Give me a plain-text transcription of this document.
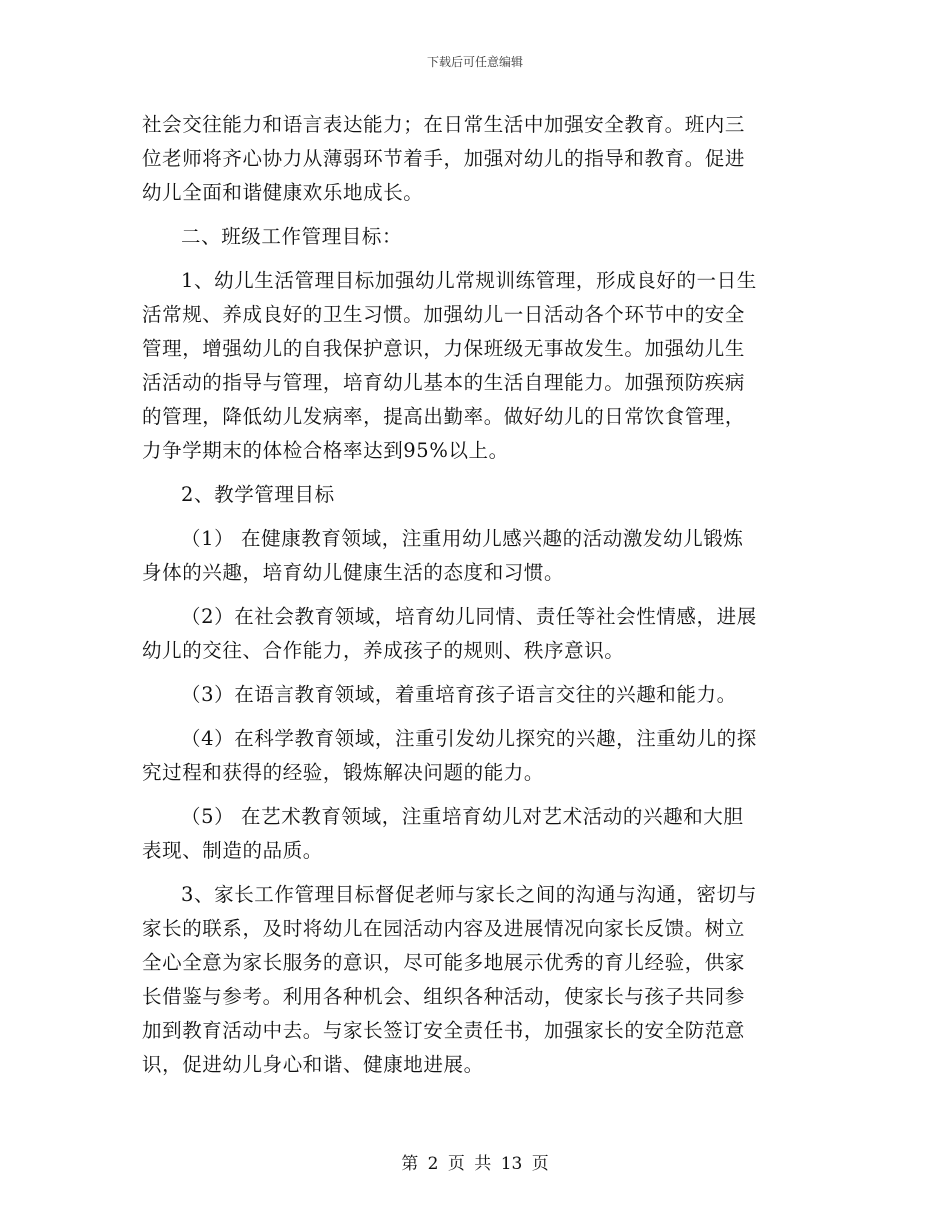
下载后可任意编辑
社会交往能力和语言表达能力；在日常生活中加强安全教育。班内三
位老师将齐心协力从薄弱环节着手，加强对幼儿的指导和教育。促进
幼儿全面和谐健康欢乐地成长。
二、班级工作管理目标：
1、幼儿生活管理目标加强幼儿常规训练管理，形成良好的一日生
活常规、养成良好的卫生习惯。加强幼儿一日活动各个环节中的安全
管理，增强幼儿的自我保护意识，力保班级无事故发生。加强幼儿生
活活动的指导与管理，培育幼儿基本的生活自理能力。加强预防疾病
的管理，降低幼儿发病率，提高出勤率。做好幼儿的日常饮食管理，
力争学期末的体检合格率达到95%以上。
2、教学管理目标
（1） 在健康教育领域，注重用幼儿感兴趣的活动激发幼儿锻炼
身体的兴趣，培育幼儿健康生活的态度和习惯。
（2）在社会教育领域，培育幼儿同情、责任等社会性情感，进展
幼儿的交往、合作能力，养成孩子的规则、秩序意识。
（3）在语言教育领域，着重培育孩子语言交往的兴趣和能力。
（4）在科学教育领域，注重引发幼儿探究的兴趣，注重幼儿的探
究过程和获得的经验，锻炼解决问题的能力。
（5） 在艺术教育领域，注重培育幼儿对艺术活动的兴趣和大胆
表现、制造的品质。
3、家长工作管理目标督促老师与家长之间的沟通与沟通，密切与
家长的联系，及时将幼儿在园活动内容及进展情况向家长反馈。树立
全心全意为家长服务的意识，尽可能多地展示优秀的育儿经验，供家
长借鉴与参考。利用各种机会、组织各种活动，使家长与孩子共同参
加到教育活动中去。与家长签订安全责任书，加强家长的安全防范意
识，促进幼儿身心和谐、健康地进展。
第 2 页 共 13 页
